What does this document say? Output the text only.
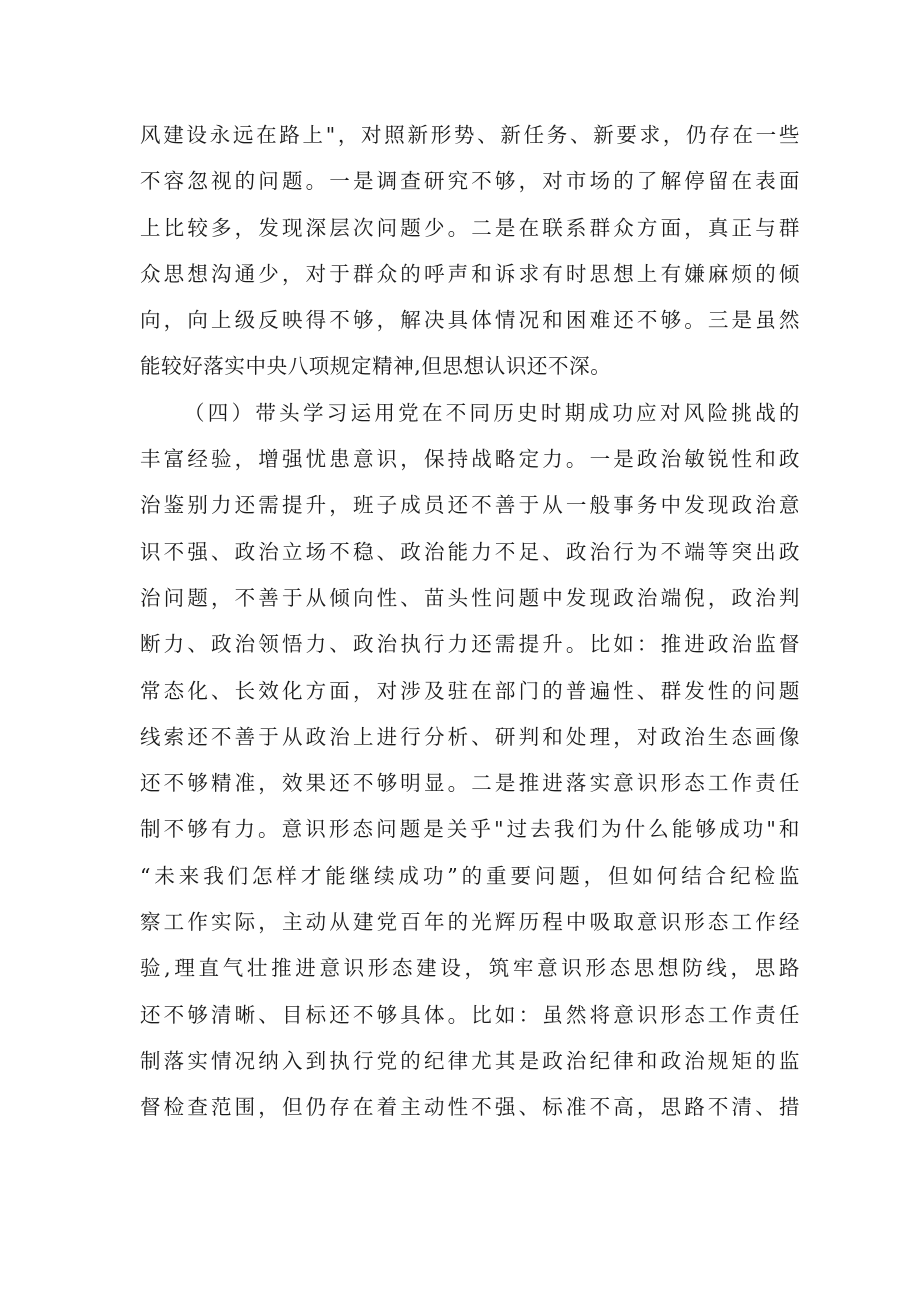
风建设永远在路上"，对照新形势、新任务、新要求，仍存在一些
不容忽视的问题。一是调查研究不够，对市场的了解停留在表面
上比较多，发现深层次问题少。二是在联系群众方面，真正与群
众思想沟通少，对于群众的呼声和诉求有时思想上有嫌麻烦的倾
向，向上级反映得不够，解决具体情况和困难还不够。三是虽然
能较好落实中央八项规定精神,但思想认识还不深。
（四）带头学习运用党在不同历史时期成功应对风险挑战的
丰富经验，增强忧患意识，保持战略定力。一是政治敏锐性和政
治鉴别力还需提升，班子成员还不善于从一般事务中发现政治意
识不强、政治立场不稳、政治能力不足、政治行为不端等突出政
治问题，不善于从倾向性、苗头性问题中发现政治端倪，政治判
断力、政治领悟力、政治执行力还需提升。比如：推进政治监督
常态化、长效化方面，对涉及驻在部门的普遍性、群发性的问题
线索还不善于从政治上进行分析、研判和处理，对政治生态画像
还不够精准，效果还不够明显。二是推进落实意识形态工作责任
制不够有力。意识形态问题是关乎"过去我们为什么能够成功"和
“未来我们怎样才能继续成功”的重要问题，但如何结合纪检监
察工作实际，主动从建党百年的光辉历程中吸取意识形态工作经
验,理直气壮推进意识形态建设，筑牢意识形态思想防线，思路
还不够清晰、目标还不够具体。比如：虽然将意识形态工作责任
制落实情况纳入到执行党的纪律尤其是政治纪律和政治规矩的监
督检查范围，但仍存在着主动性不强、标准不高，思路不清、措
